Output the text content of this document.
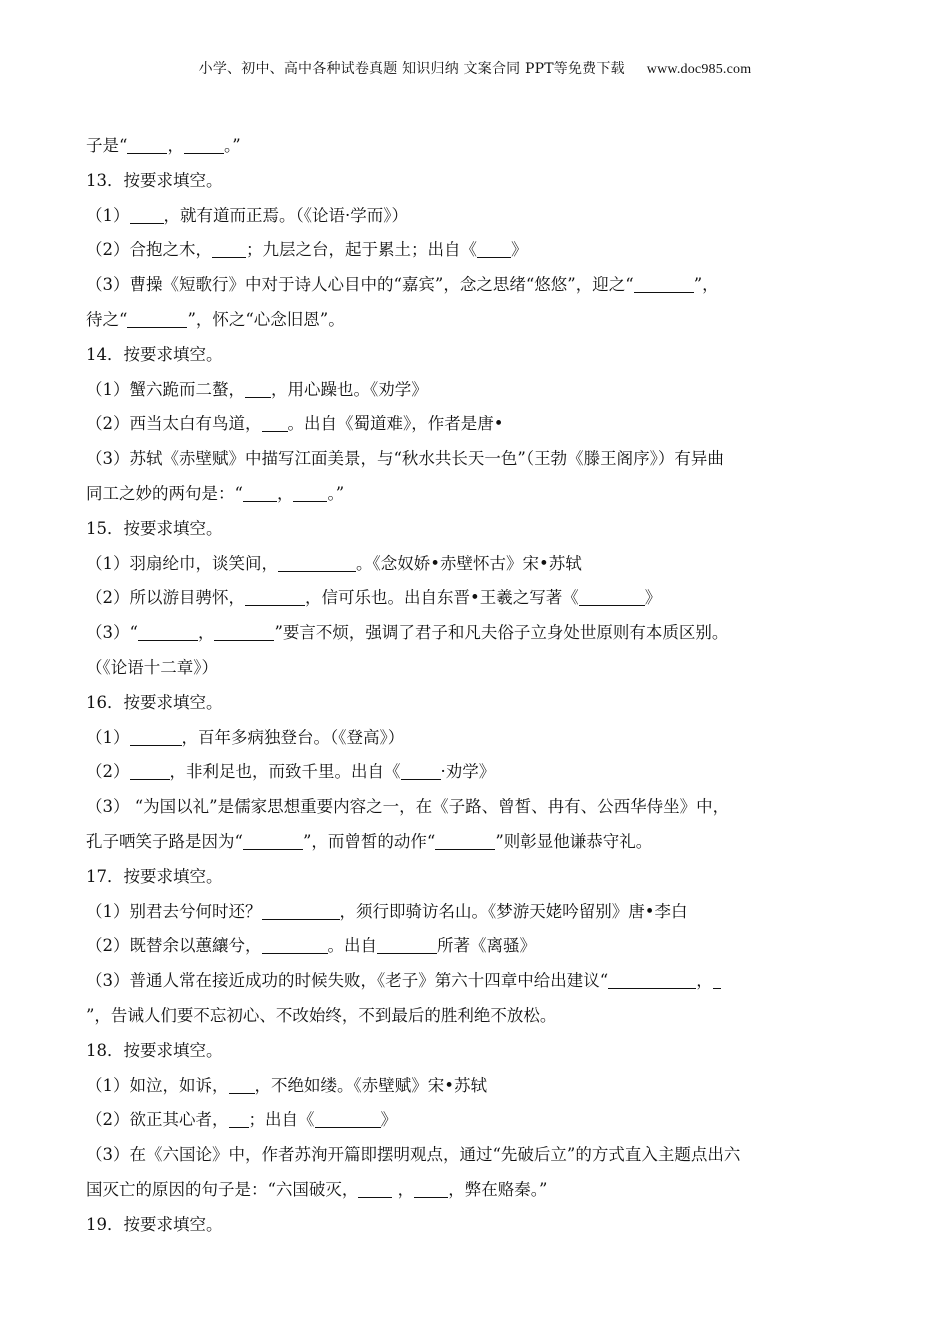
小学、初中、高中各种试卷真题 知识归纳 文案合同 PPT等免费下载 www.doc985.com
子是“ ， 。”
13．按要求填空。
（1） ，就有道而正焉。（《论语·学而》）
（2）合抱之木， ；九层之台，起于累土；出自《 》
（3）曹操《短歌行》中对于诗人心目中的“嘉宾”，念之思绪“悠悠”，迎之“	”，
待之“	”，怀之“心念旧恩”。
14．按要求填空。
（1）蟹六跪而二螯， ，用心躁也。《劝学》
（2）西当太白有鸟道， 。出自《蜀道难》，作者是唐•
（3）苏轼《赤壁赋》中描写江面美景，与“秋水共长天一色”（王勃《滕王阁序》）有异曲
同工之妙的两句是：“ ， 。”
15．按要求填空。
（1）羽扇纶巾，谈笑间，	。《念奴娇•赤壁怀古》宋•苏轼
（2）所以游目骋怀，	，信可乐也。出自东晋•王羲之写著《	》
（3）“	，	”要言不烦，强调了君子和凡夫俗子立身处世原则有本质区别。
（《论语十二章》）
16．按要求填空。
（1）	，百年多病独登台。（《登高》）
（2） ，非利足也，而致千里。出自《 ·劝学》
（3） “为国以礼”是儒家思想重要内容之一，在《子路、曾皙、冉有、公西华侍坐》中，
孔子哂笑子路是因为“	”，而曾皙的动作“	”则彰显他谦恭守礼。
17．按要求填空。
（1）别君去兮何时还？	，须行即骑访名山。《梦游天姥吟留别》唐•李白
（2）既替余以蕙纕兮，	。出自	所著《离骚》
（3）普通人常在接近成功的时候失败，《老子》第六十四章中给出建议“	，
”，告诫人们要不忘初心、不改始终，不到最后的胜利绝不放松。
18．按要求填空。
（1）如泣，如诉， ，不绝如缕。《赤壁赋》宋•苏轼
（2）欲正其心者， ；出自《	》
（3）在《六国论》中，作者苏洵开篇即摆明观点，通过“先破后立”的方式直入主题点出六
国灭亡的原因的句子是：“六国破灭， ， ，弊在赂秦。”
19．按要求填空。
